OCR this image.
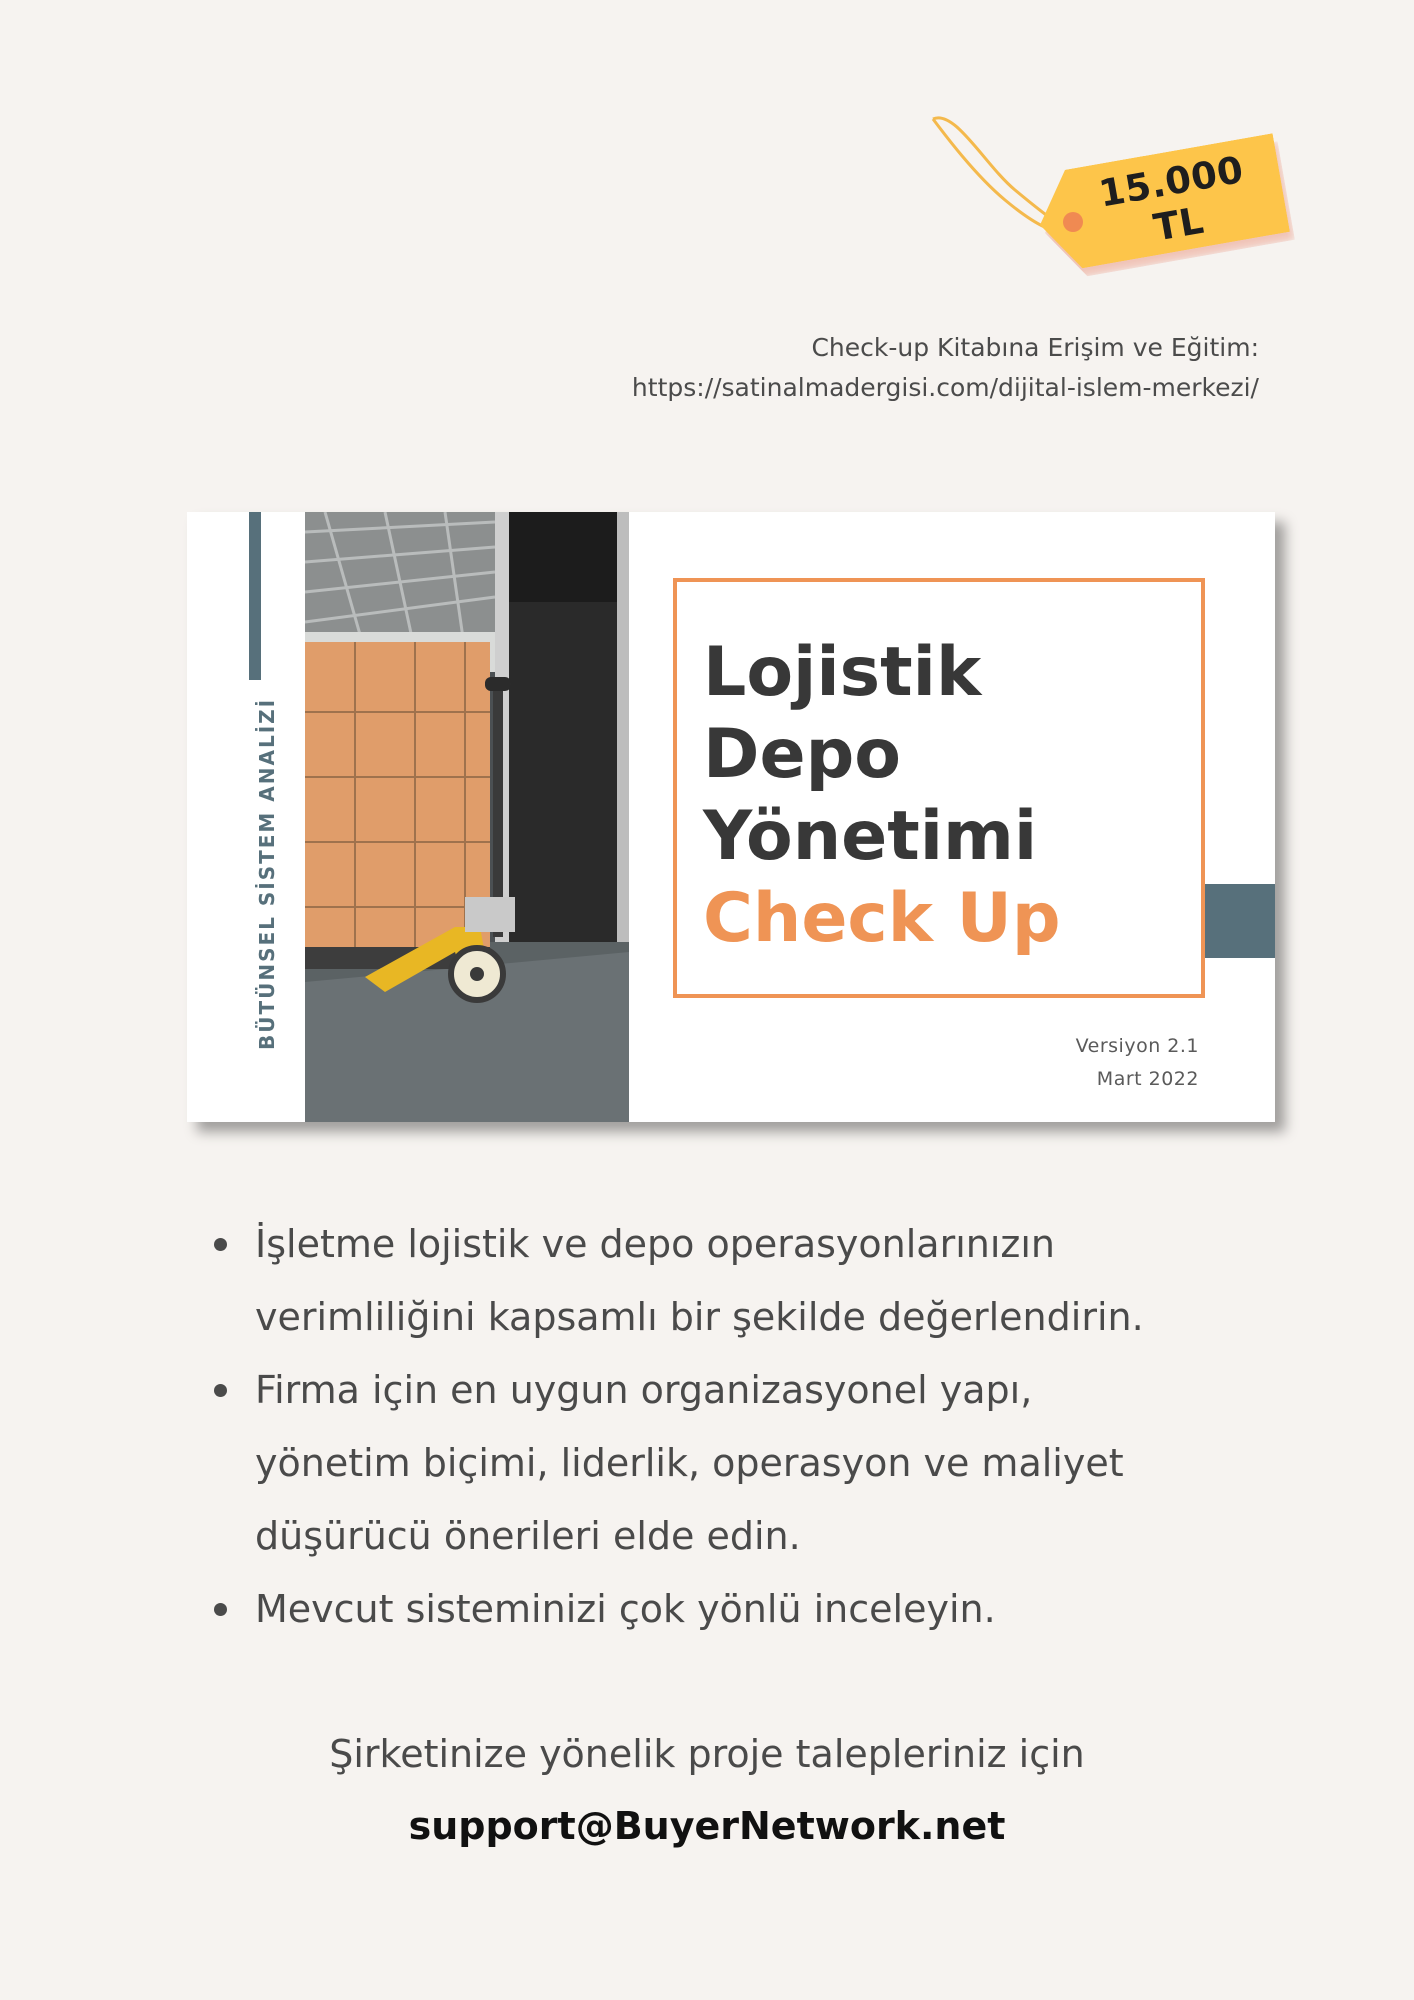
15.000 TL
Check-up Kitabına Erişim ve Eğitim:
https://satinalmadergisi.com/dijital-islem-merkezi/
BÜTÜNSEL SİSTEM ANALİZİ
Lojistik
Depo
Yönetimi
Check Up
Versiyon 2.1
Mart 2022
İşletme lojistik ve depo operasyonlarınızın
verimliliğini kapsamlı bir şekilde değerlendirin.
Firma için en uygun organizasyonel yapı,
yönetim biçimi, liderlik, operasyon ve maliyet
düşürücü önerileri elde edin.
Mevcut sisteminizi çok yönlü inceleyin.
Şirketinize yönelik proje talepleriniz için
support@BuyerNetwork.net
